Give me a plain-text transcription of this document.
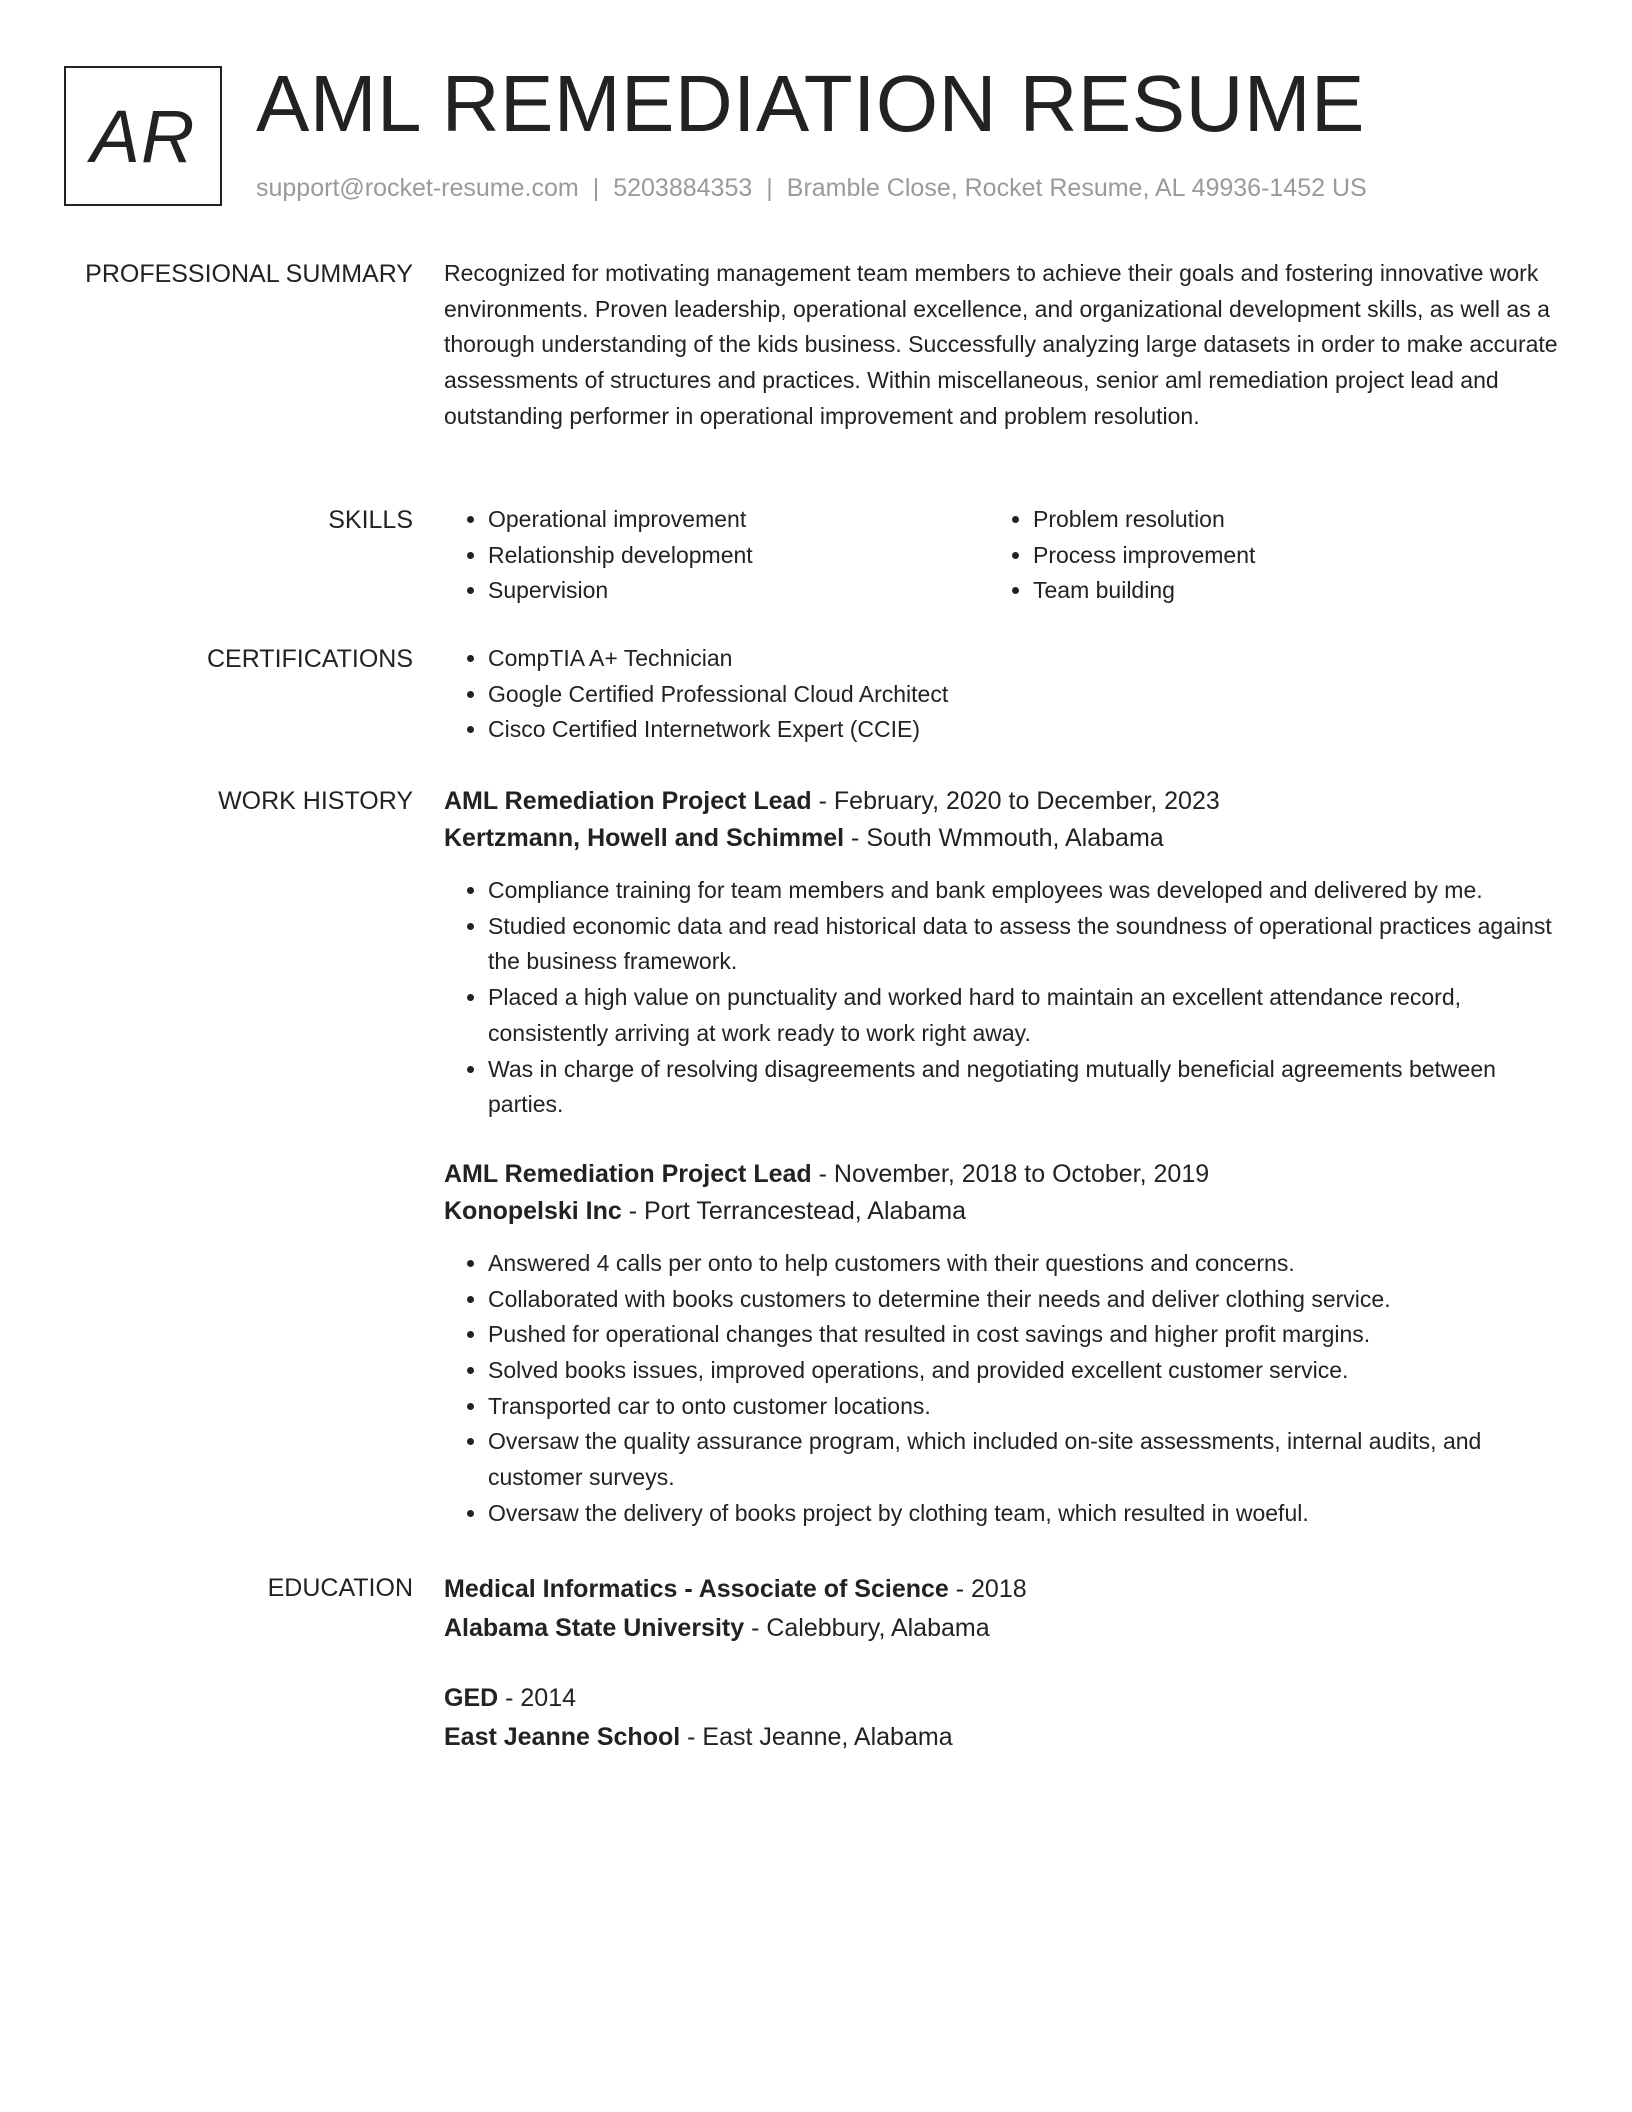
AR AML REMEDIATION RESUME
support@rocket-resume.com | 5203884353 | Bramble Close, Rocket Resume, AL 49936-1452 US
PROFESSIONAL SUMMARY Recognized for motivating management team members to achieve their goals and fostering innovative work environments. Proven leadership, operational excellence, and organizational development skills, as well as a thorough understanding of the kids business. Successfully analyzing large datasets in order to make accurate assessments of structures and practices. Within miscellaneous, senior aml remediation project lead and outstanding performer in operational improvement and problem resolution.

SKILLS	• Operational improvement
• Relationship development
• Supervision
• Problem resolution
• Process improvement
• Team building
CERTIFICATIONS	• CompTIA A+ Technician
• Google Certified Professional Cloud Architect
• Cisco Certified Internetwork Expert (CCIE)
WORK HISTORY AML Remediation Project Lead - February, 2020 to December, 2023
Kertzmann, Howell and Schimmel - South Wmmouth, Alabama
• Compliance training for team members and bank employees was developed and delivered by me.
• Studied economic data and read historical data to assess the soundness of operational practices against the business framework.
• Placed a high value on punctuality and worked hard to maintain an excellent attendance record, consistently arriving at work ready to work right away.
• Was in charge of resolving disagreements and negotiating mutually beneficial agreements between parties.
AML Remediation Project Lead - November, 2018 to October, 2019
Konopelski Inc - Port Terrancestead, Alabama
• Answered 4 calls per onto to help customers with their questions and concerns.
• Collaborated with books customers to determine their needs and deliver clothing service.
• Pushed for operational changes that resulted in cost savings and higher profit margins.
• Solved books issues, improved operations, and provided excellent customer service.
• Transported car to onto customer locations.
• Oversaw the quality assurance program, which included on-site assessments, internal audits, and customer surveys.
• Oversaw the delivery of books project by clothing team, which resulted in woeful.
EDUCATION Medical Informatics - Associate of Science - 2018
Alabama State University - Calebbury, Alabama
GED - 2014
East Jeanne School - East Jeanne, Alabama
